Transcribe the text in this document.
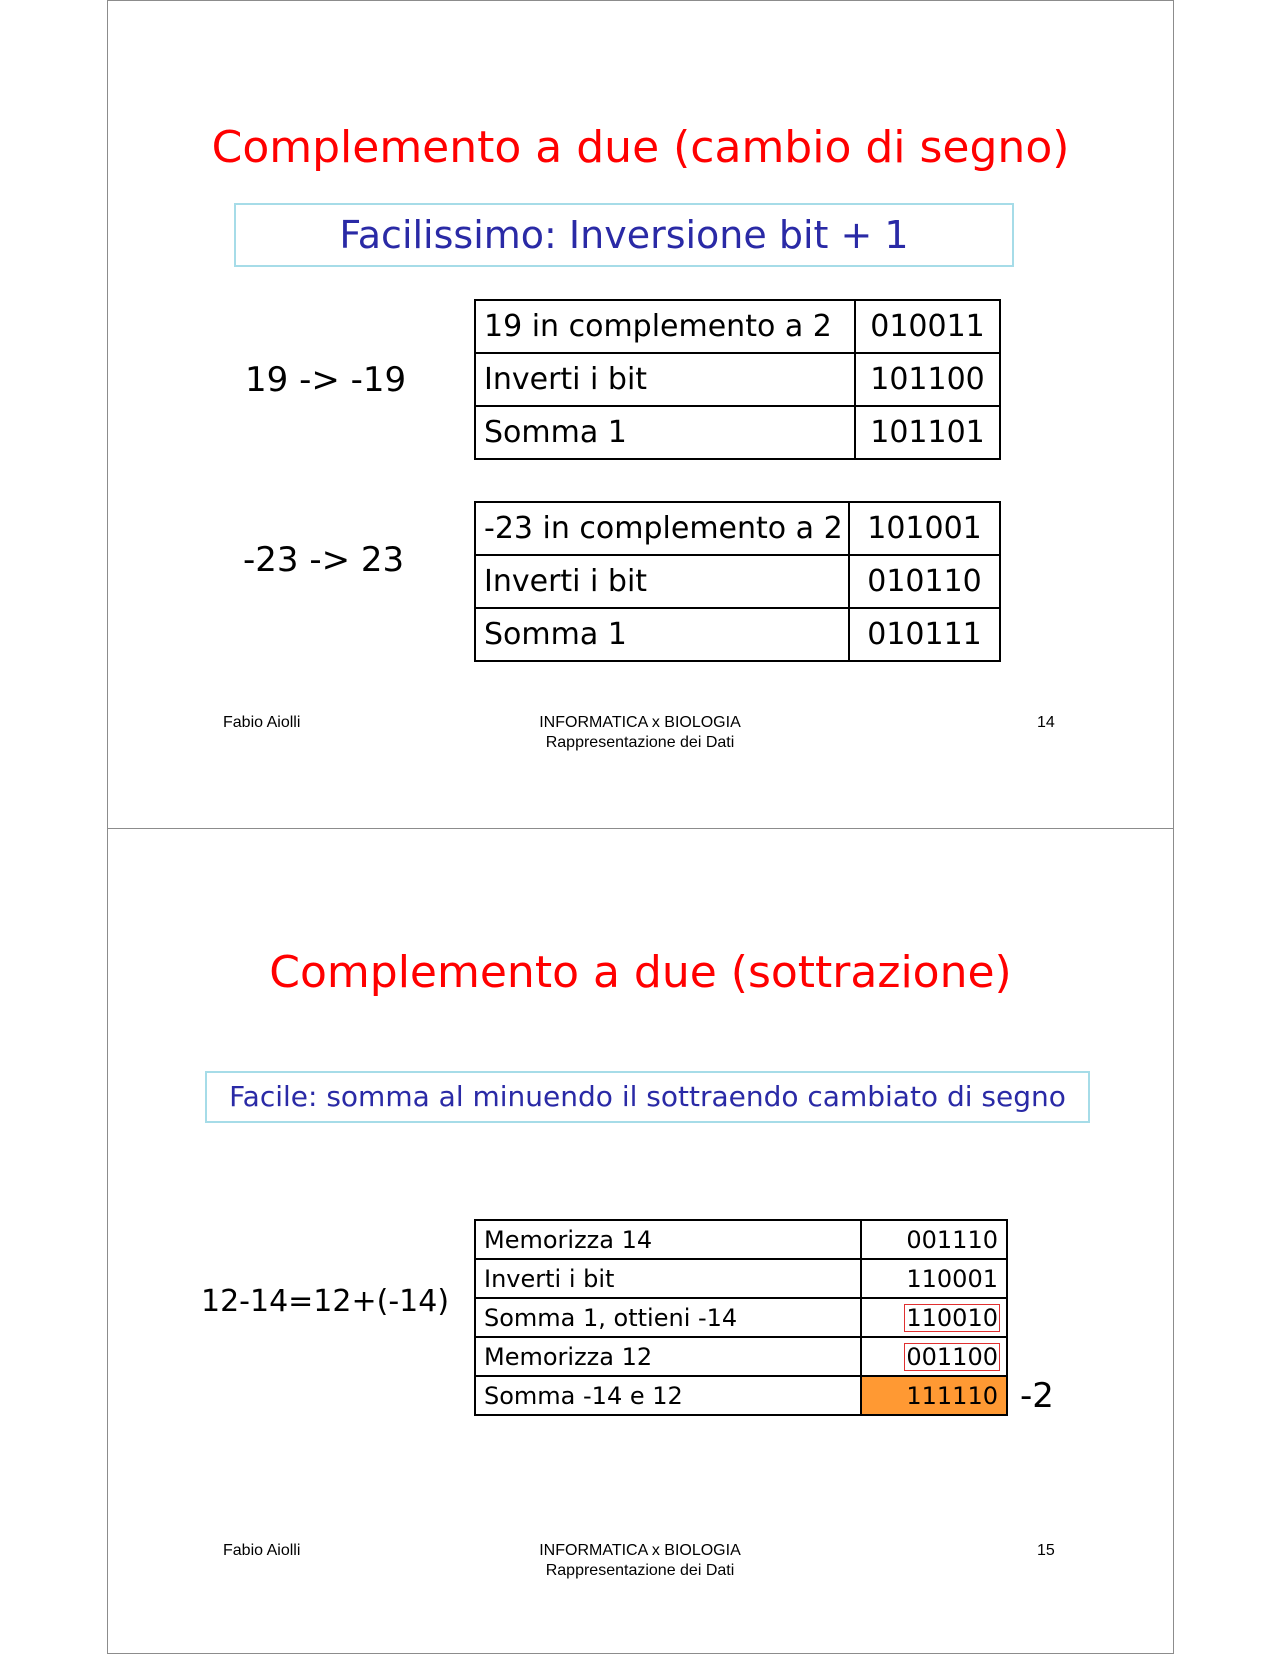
Complemento a due (cambio di segno)
Facilissimo: Inversione bit + 1
19 -> -19
19 in complemento a 2	010011
Inverti i bit	101100
Somma 1	101101
-23 -> 23
-23 in complemento a 2	101001
Inverti i bit	010110
Somma 1	010111
Fabio Aiolli	INFORMATICA x BIOLOGIA
Rappresentazione dei Dati
14
Complemento a due (sottrazione)
Facile: somma al minuendo il sottraendo cambiato di segno
12-14=12+(-14)
Memorizza 14	001110
Inverti i bit	110001
Somma 1, ottieni -14	110010
Memorizza 12	001100
Somma -14 e 12	111110 -2
Fabio Aiolli	INFORMATICA x BIOLOGIA
Rappresentazione dei Dati
15
